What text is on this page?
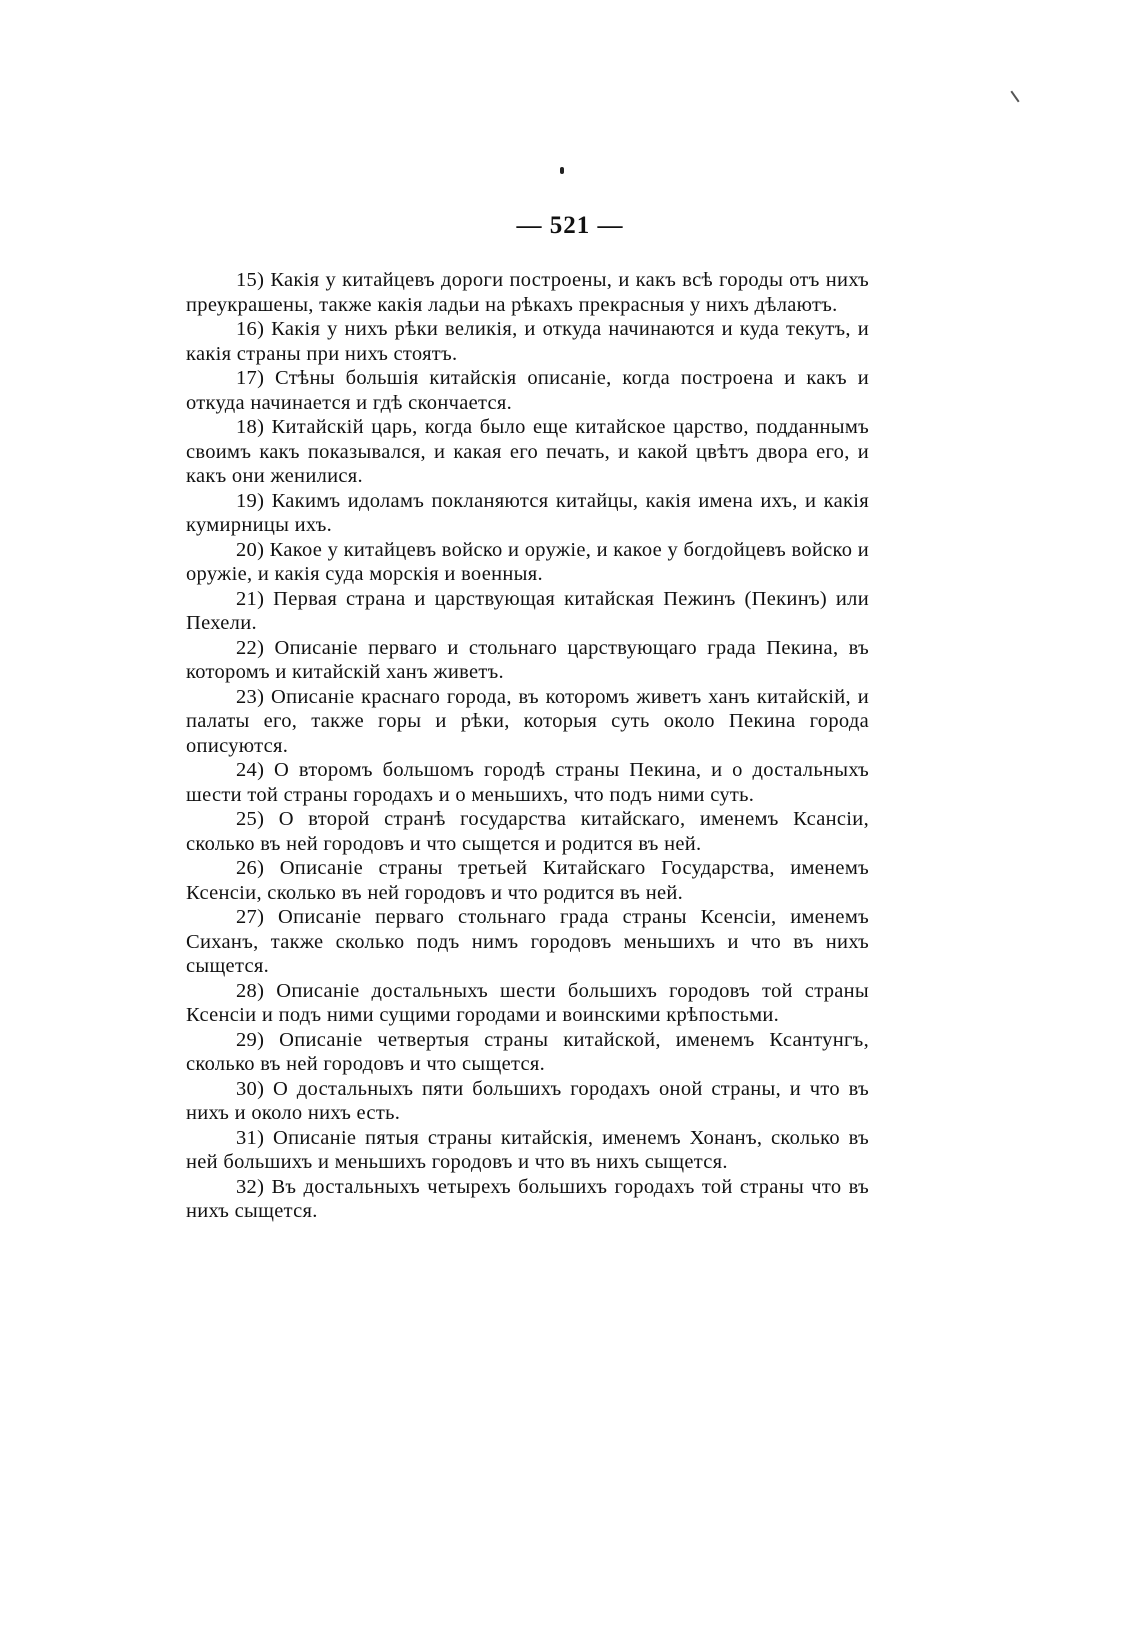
— 521 —

15) Какія у китайцевъ дороги построены, и какъ всѣ городы отъ нихъ преукрашены, также какія ладьи на рѣкахъ прекрасныя у нихъ дѣлаютъ.

16) Какія у нихъ рѣки великія, и откуда начинаются и куда текутъ, и какія страны при нихъ стоятъ.

17) Стѣны большія китайскія описаніе, когда построена и какъ и откуда начинается и гдѣ скончается.

18) Китайскій царь, когда было еще китайское царство, подданнымъ своимъ какъ показывался, и какая его печать, и какой цвѣтъ двора его, и какъ они женилися.

19) Какимъ идоламъ покланяются китайцы, какія имена ихъ, и какія кумирницы ихъ.

20) Какое у китайцевъ войско и оружіе, и какое у богдойцевъ войско и оружіе, и какія суда морскія и военныя.

21) Первая страна и царствующая китайская Пежинъ (Пекинъ) или Пехели.

22) Описаніе перваго и стольнаго царствующаго града Пекина, въ которомъ и китайскій ханъ живетъ.

23) Описаніе краснаго города, въ которомъ живетъ ханъ китайскій, и палаты его, также горы и рѣки, которыя суть около Пекина города описуются.

24) О второмъ большомъ городѣ страны Пекина, и о достальныхъ шести той страны городахъ и о меньшихъ, что подъ ними суть.

25) О второй странѣ государства китайскаго, именемъ Ксансіи, сколько въ ней городовъ и что сыщется и родится въ ней.

26) Описаніе страны третьей Китайскаго Государства, именемъ Ксенсіи, сколько въ ней городовъ и что родится въ ней.

27) Описаніе перваго стольнаго града страны Ксенсіи, именемъ Сиханъ, также сколько подъ нимъ городовъ меньшихъ и что въ нихъ сыщется.

28) Описаніе достальныхъ шести большихъ городовъ той страны Ксенсіи и подъ ними сущими городами и воинскими крѣпостьми.

29) Описаніе четвертыя страны китайской, именемъ Ксантунгъ, сколько въ ней городовъ и что сыщется.

30) О достальныхъ пяти большихъ городахъ оной страны, и что въ нихъ и около нихъ есть.

31) Описаніе пятыя страны китайскія, именемъ Хонанъ, сколько въ ней большихъ и меньшихъ городовъ и что въ нихъ сыщется.

32) Въ достальныхъ четырехъ большихъ городахъ той страны что въ нихъ сыщется.
